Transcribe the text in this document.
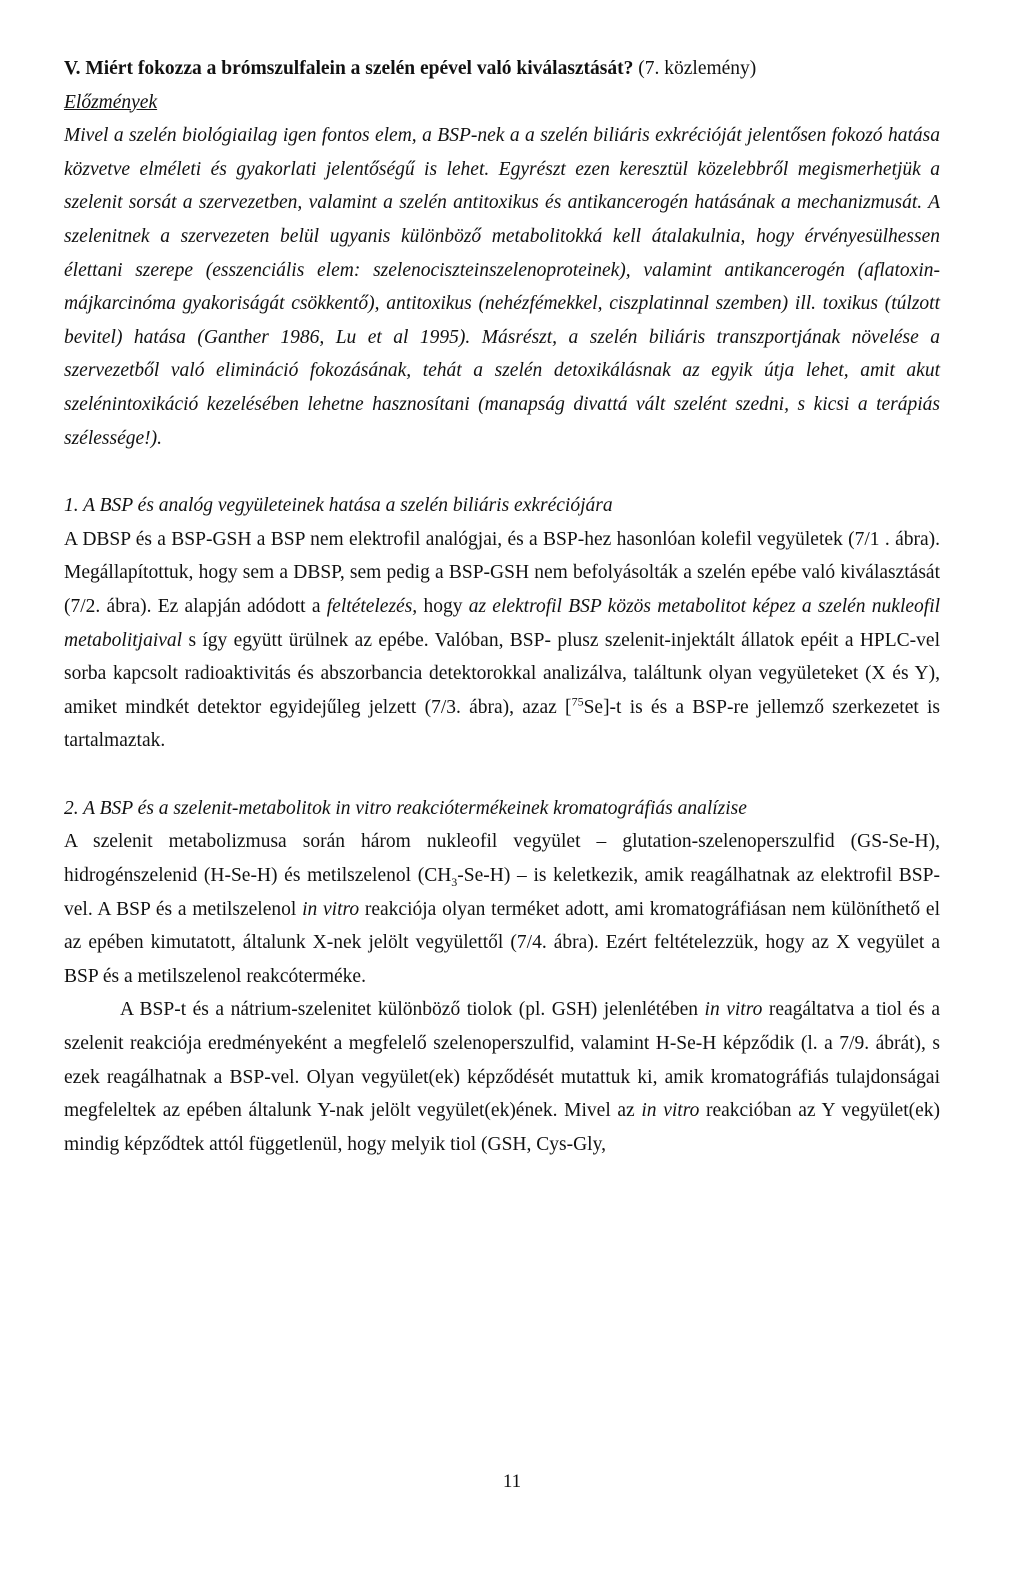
V. Miért fokozza a brómszulfalein a szelén epével való kiválasztását? (7. közlemény)

Előzmények

Mivel a szelén biológiailag igen fontos elem, a BSP-nek a a szelén biliáris exkrécióját jelentősen fokozó hatása közvetve elméleti és gyakorlati jelentőségű is lehet. Egyrészt ezen keresztül közelebbről megismerhetjük a szelenit sorsát a szervezetben, valamint a szelén antitoxikus és antikancerogén hatásának a mechanizmusát. A szelenitnek a szervezeten belül ugyanis különböző metabolitokká kell átalakulnia, hogy érvényesülhessen élettani szerepe (esszenciális elem: szelenociszteinszelenoproteinek), valamint antikancerogén (aflatoxin-májkarcinóma gyakoriságát csökkentő), antitoxikus (nehézfémekkel, ciszplatinnal szemben) ill. toxikus (túlzott bevitel) hatása (Ganther 1986, Lu et al 1995). Másrészt, a szelén biliáris transzportjának növelése a szervezetből való elimináció fokozásának, tehát a szelén detoxikálásnak az egyik útja lehet, amit akut szelénintoxikáció kezelésében lehetne hasznosítani (manapság divattá vált szelént szedni, s kicsi a terápiás szélessége!).

1. A BSP és analóg vegyületeinek hatása a szelén biliáris exkréciójára

A DBSP és a BSP-GSH a BSP nem elektrofil analógjai, és a BSP-hez hasonlóan kolefil vegyületek (7/1 . ábra). Megállapítottuk, hogy sem a DBSP, sem pedig a BSP-GSH nem befolyásolták a szelén epébe való kiválasztását (7/2. ábra). Ez alapján adódott a feltételezés, hogy az elektrofil BSP közös metabolitot képez a szelén nukleofil metabolitjaival s így együtt ürülnek az epébe. Valóban, BSP- plusz szelenit-injektált állatok epéit a HPLC-vel sorba kapcsolt radioaktivitás és abszorbancia detektorokkal analizálva, találtunk olyan vegyületeket (X és Y), amiket mindkét detektor egyidejűleg jelzett (7/3. ábra), azaz [$^{75}$Se]-t is és a BSP-re jellemző szerkezetet is tartalmaztak.

2. A BSP és a szelenit-metabolitok in vitro reakciótermékeinek kromatográfiás analízise

A szelenit metabolizmusa során három nukleofil vegyület – glutation-szelenoperszulfid (GS-Se-H), hidrogénszelenid (H-Se-H) és metilszelenol $(CH_3-Se-H)$ – is keletkezik, amik reagálhatnak az elektrofil BSP-vel. A BSP és a metilszelenol in vitro reakciója olyan terméket adott, ami kromatográfiásan nem különíthető el az epében kimutatott, általunk X-nek jelölt vegyülettől (7/4. ábra). Ezért feltételezzük, hogy az X vegyület a BSP és a metilszelenol reakcóterméke.

A BSP-t és a nátrium-szelenitet különböző tiolok (pl. GSH) jelenlétében in vitro reagáltatva a tiol és a szelenit reakciója eredményeként a megfelelő szelenoperszulfid, valamint H-Se-H képződik (l. a 7/9. ábrát), s ezek reagálhatnak a BSP-vel. Olyan vegyület(ek) képződését mutattuk ki, amik kromatográfiás tulajdonságai megfeleltek az epében általunk Y-nak jelölt vegyület(ek)ének. Mivel az in vitro reakcióban az Y vegyület(ek) mindig képződtek attól függetlenül, hogy melyik tiol (GSH, Cys-Gly,

11
